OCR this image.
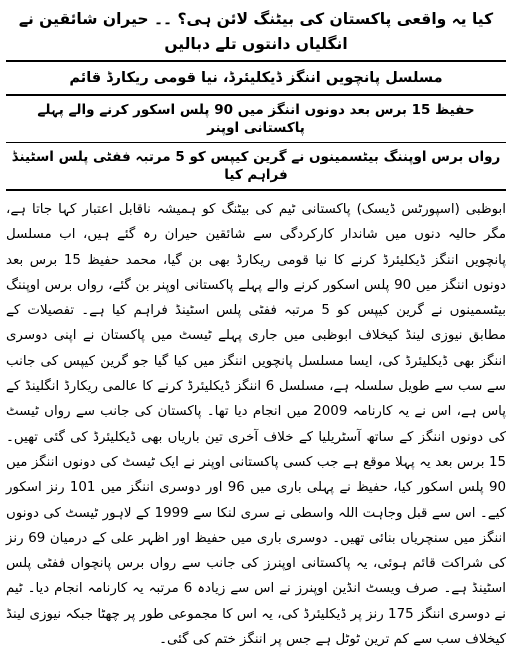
کیا یہ واقعی پاکستان کی بیٹنگ لائن ہی؟ ۔۔ حیران شائقین نے انگلیاں دانتوں تلے دبالیں
مسلسل پانچویں اننگز ڈیکلیئرڈ، نیا قومی ریکارڈ قائم
حفیظ 15 برس بعد دونوں اننگز میں 90 پلس اسکور کرنے والے پہلے پاکستانی اوپنر
رواں برس اوپننگ بیٹسمینوں نے گرین کیپس کو 5 مرتبہ ففٹی پلس اسٹینڈ فراہم کیا
ابوظبی (اسپورٹس ڈیسک) پاکستانی ٹیم کی بیٹنگ کو ہمیشہ ناقابل اعتبار کہا جاتا ہے، مگر حالیہ دنوں میں شاندار کارکردگی سے شائقین حیران رہ گئے ہیں، اب مسلسل پانچویں اننگز ڈیکلیئرڈ کرنے کا نیا قومی ریکارڈ بھی بن گیا، محمد حفیظ 15 برس بعد دونوں اننگز میں 90 پلس اسکور کرنے والے پہلے پاکستانی اوپنر بن گئے، رواں برس اوپننگ بیٹسمینوں نے گرین کیپس کو 5 مرتبہ ففٹی پلس اسٹینڈ فراہم کیا ہے۔ تفصیلات کے مطابق نیوزی لینڈ کیخلاف ابوظبی میں جاری پہلے ٹیسٹ میں پاکستان نے اپنی دوسری اننگز بھی ڈیکلیئرڈ کی، ایسا مسلسل پانچویں اننگز میں کیا گیا جو گرین کیپس کی جانب سے سب سے طویل سلسلہ ہے، مسلسل 6 اننگز ڈیکلیئرڈ کرنے کا عالمی ریکارڈ انگلینڈ کے پاس ہے، اس نے یہ کارنامہ 2009 میں انجام دیا تھا۔ پاکستان کی جانب سے رواں ٹیسٹ کی دونوں اننگز کے ساتھ آسٹریلیا کے خلاف آخری تین باریاں بھی ڈیکلیئرڈ کی گئی تھیں۔ 15 برس بعد یہ پہلا موقع ہے جب کسی پاکستانی اوپنر نے ایک ٹیسٹ کی دونوں اننگز میں 90 پلس اسکور کیا، حفیظ نے پہلی باری میں 96 اور دوسری اننگز میں 101 رنز اسکور کیے۔ اس سے قبل وجاہت اللہ واسطی نے سری لنکا سے 1999 کے لاہور ٹیسٹ کی دونوں اننگز میں سنچریاں بنائی تھیں۔ دوسری باری میں حفیظ اور اظہر علی کے درمیان 69 رنز کی شراکت قائم ہوئی، یہ پاکستانی اوپنرز کی جانب سے رواں برس پانچواں ففٹی پلس اسٹینڈ ہے۔ صرف ویسٹ انڈین اوپنرز نے اس سے زیادہ 6 مرتبہ یہ کارنامہ انجام دیا۔ ٹیم نے دوسری اننگز 175 رنز پر ڈیکلیئرڈ کی، یہ اس کا مجموعی طور پر چھٹا جبکہ نیوزی لینڈ کیخلاف سب سے کم ترین ٹوٹل ہے جس پر اننگز ختم کی گئی۔
